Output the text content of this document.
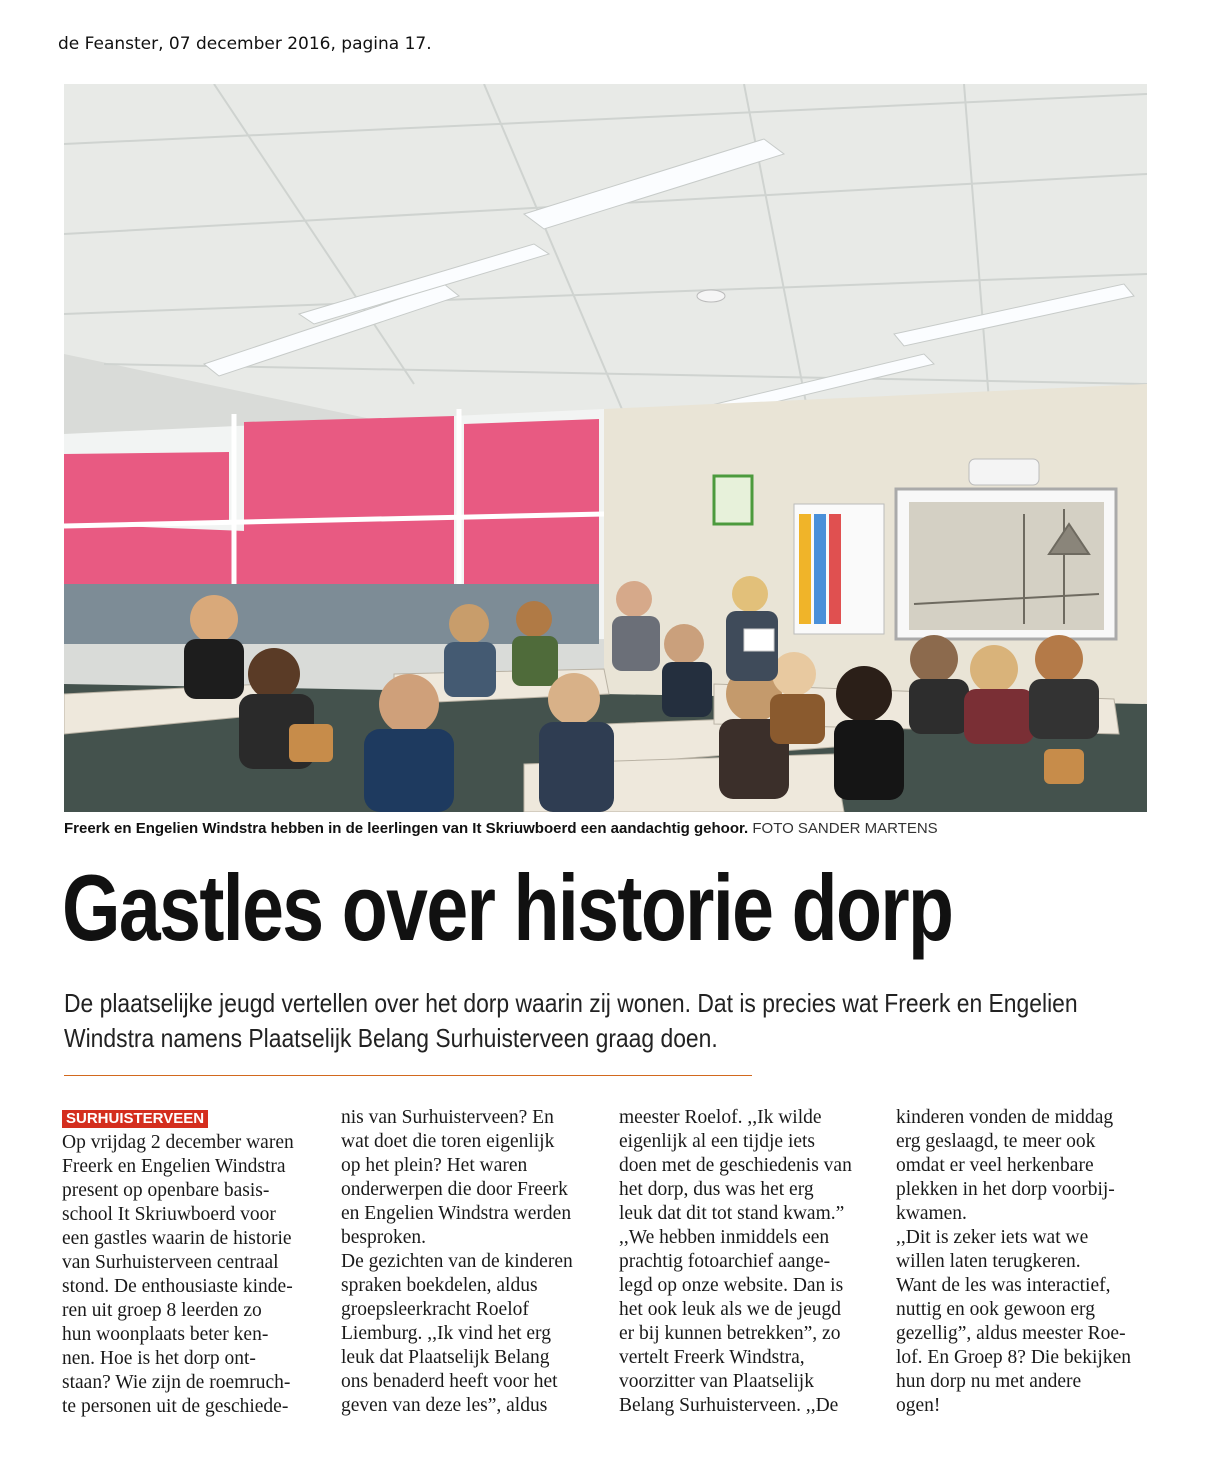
de Feanster, 07 december 2016, pagina 17.
Freerk en Engelien Windstra hebben in de leerlingen van It Skriuwboerd een aandachtig gehoor. FOTO SANDER MARTENS
Gastles over historie dorp
De plaatselijke jeugd vertellen over het dorp waarin zij wonen. Dat is precies wat Freerk en Engelien
Windstra namens Plaatselijk Belang Surhuisterveen graag doen.
SURHUISTERVEEN
Op vrijdag 2 december waren
Freerk en Engelien Windstra
present op openbare basis-
school It Skriuwboerd voor
een gastles waarin de historie
van Surhuisterveen centraal
stond. De enthousiaste kinde-
ren uit groep 8 leerden zo
hun woonplaats beter ken-
nen. Hoe is het dorp ont-
staan? Wie zijn de roemruch-
te personen uit de geschiede-
nis van Surhuisterveen? En
wat doet die toren eigenlijk
op het plein? Het waren
onderwerpen die door Freerk
en Engelien Windstra werden
besproken.
De gezichten van de kinderen
spraken boekdelen, aldus
groepsleerkracht Roelof
Liemburg. ,,Ik vind het erg
leuk dat Plaatselijk Belang
ons benaderd heeft voor het
geven van deze les”, aldus
meester Roelof. ,,Ik wilde
eigenlijk al een tijdje iets
doen met de geschiedenis van
het dorp, dus was het erg
leuk dat dit tot stand kwam.”
,,We hebben inmiddels een
prachtig fotoarchief aange-
legd op onze website. Dan is
het ook leuk als we de jeugd
er bij kunnen betrekken”, zo
vertelt Freerk Windstra,
voorzitter van Plaatselijk
Belang Surhuisterveen. ,,De
kinderen vonden de middag
erg geslaagd, te meer ook
omdat er veel herkenbare
plekken in het dorp voorbij-
kwamen.
,,Dit is zeker iets wat we
willen laten terugkeren.
Want de les was interactief,
nuttig en ook gewoon erg
gezellig”, aldus meester Roe-
lof. En Groep 8? Die bekijken
hun dorp nu met andere
ogen!
